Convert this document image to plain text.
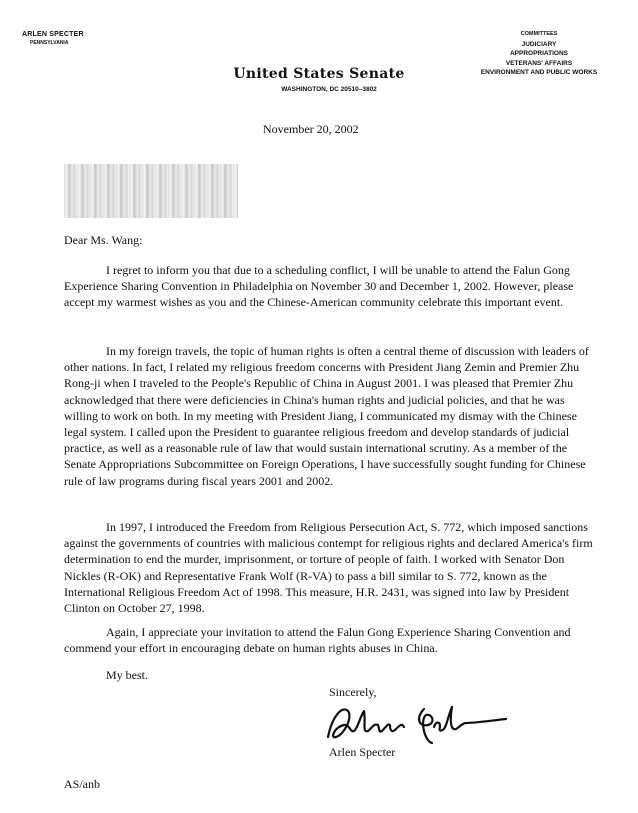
ARLEN SPECTER
PENNSYLVANIA
COMMITTEES
JUDICIARY
APPROPRIATIONS
VETERANS' AFFAIRS
ENVIRONMENT AND PUBLIC WORKS
United States Senate
WASHINGTON, DC 20510–3802
November 20, 2002
Dear Ms. Wang:

I regret to inform you that due to a scheduling conflict, I will be unable to attend the Falun Gong Experience Sharing Convention in Philadelphia on November 30 and December 1, 2002. However, please accept my warmest wishes as you and the Chinese-American community celebrate this important event.

In my foreign travels, the topic of human rights is often a central theme of discussion with leaders of other nations. In fact, I related my religious freedom concerns with President Jiang Zemin and Premier Zhu Rong-ji when I traveled to the People's Republic of China in August 2001. I was pleased that Premier Zhu acknowledged that there were deficiencies in China's human rights and judicial policies, and that he was willing to work on both. In my meeting with President Jiang, I communicated my dismay with the Chinese legal system. I called upon the President to guarantee religious freedom and develop standards of judicial practice, as well as a reasonable rule of law that would sustain international scrutiny. As a member of the Senate Appropriations Subcommittee on Foreign Operations, I have successfully sought funding for Chinese rule of law programs during fiscal years 2001 and 2002.

In 1997, I introduced the Freedom from Religious Persecution Act, S. 772, which imposed sanctions against the governments of countries with malicious contempt for religious rights and declared America's firm determination to end the murder, imprisonment, or torture of people of faith. I worked with Senator Don Nickles (R-OK) and Representative Frank Wolf (R-VA) to pass a bill similar to S. 772, known as the International Religious Freedom Act of 1998. This measure, H.R. 2431, was signed into law by President Clinton on October 27, 1998.

Again, I appreciate your invitation to attend the Falun Gong Experience Sharing Convention and commend your effort in encouraging debate on human rights abuses in China.

My best.
Sincerely,
Arlen Specter
AS/anb
